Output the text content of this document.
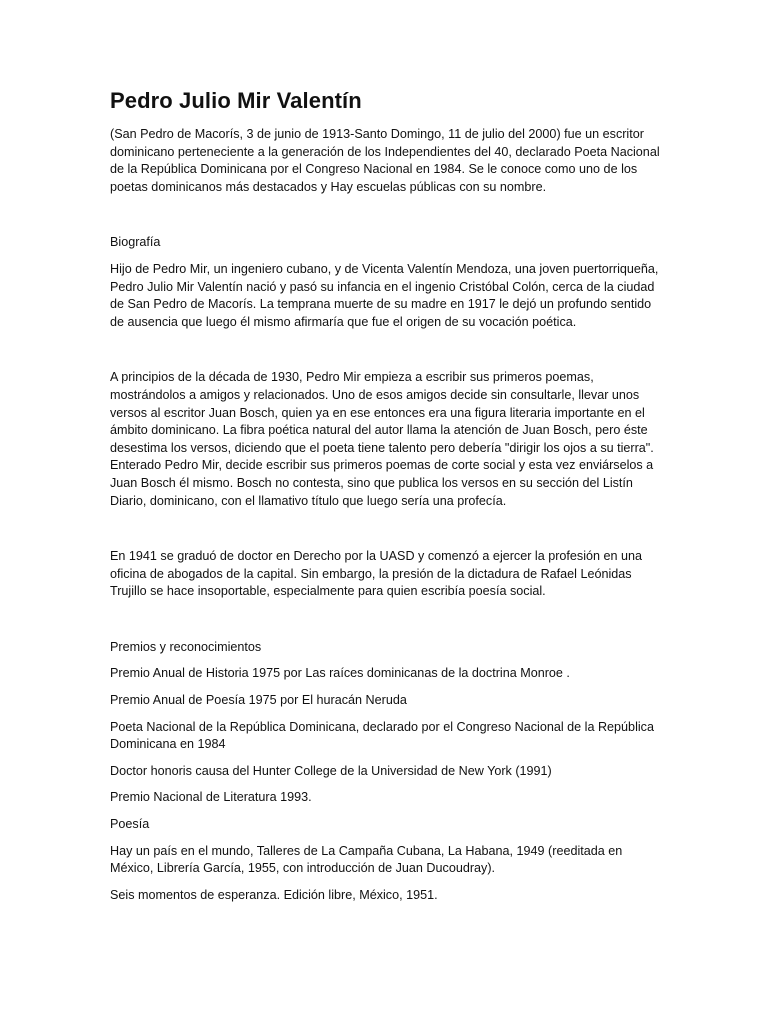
Pedro Julio Mir Valentín

(San Pedro de Macorís, 3 de junio de 1913-Santo Domingo, 11 de julio del 2000) fue un escritor dominicano perteneciente a la generación de los Independientes del 40, declarado Poeta Nacional de la República Dominicana por el Congreso Nacional en 1984. Se le conoce como uno de los poetas dominicanos más destacados y Hay escuelas públicas con su nombre.

Biografía

Hijo de Pedro Mir, un ingeniero cubano, y de Vicenta Valentín Mendoza, una joven puertorriqueña, Pedro Julio Mir Valentín nació y pasó su infancia en el ingenio Cristóbal Colón, cerca de la ciudad de San Pedro de Macorís. La temprana muerte de su madre en 1917 le dejó un profundo sentido de ausencia que luego él mismo afirmaría que fue el origen de su vocación poética.

A principios de la década de 1930, Pedro Mir empieza a escribir sus primeros poemas, mostrándolos a amigos y relacionados. Uno de esos amigos decide sin consultarle, llevar unos versos al escritor Juan Bosch, quien ya en ese entonces era una figura literaria importante en el ámbito dominicano. La fibra poética natural del autor llama la atención de Juan Bosch, pero éste desestima los versos, diciendo que el poeta tiene talento pero debería "dirigir los ojos a su tierra". Enterado Pedro Mir, decide escribir sus primeros poemas de corte social y esta vez enviárselos a Juan Bosch él mismo. Bosch no contesta, sino que publica los versos en su sección del Listín Diario, dominicano, con el llamativo título que luego sería una profecía.

En 1941 se graduó de doctor en Derecho por la UASD y comenzó a ejercer la profesión en una oficina de abogados de la capital. Sin embargo, la presión de la dictadura de Rafael Leónidas Trujillo se hace insoportable, especialmente para quien escribía poesía social.

Premios y reconocimientos

Premio Anual de Historia 1975 por Las raíces dominicanas de la doctrina Monroe .

Premio Anual de Poesía 1975 por El huracán Neruda

Poeta Nacional de la República Dominicana, declarado por el Congreso Nacional de la República Dominicana en 1984

Doctor honoris causa del Hunter College de la Universidad de New York (1991)

Premio Nacional de Literatura 1993.

Poesía

Hay un país en el mundo, Talleres de La Campaña Cubana, La Habana, 1949 (reeditada en México, Librería García, 1955, con introducción de Juan Ducoudray).

Seis momentos de esperanza. Edición libre, México, 1951.
